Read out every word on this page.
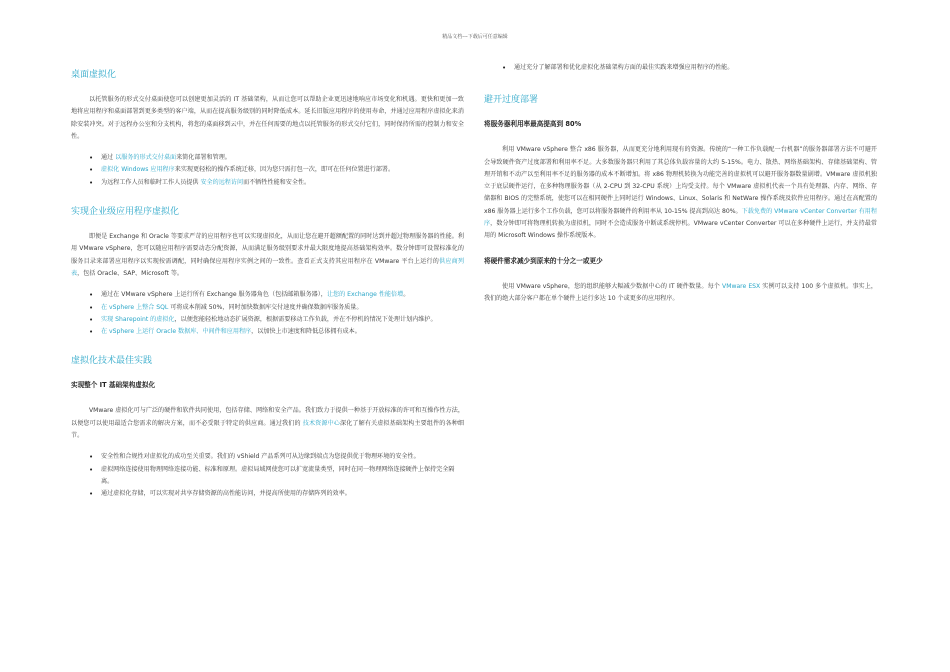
精品文档---下载后可任意编辑
桌面虚拟化

以托管服务的形式交付桌面使您可以创建更加灵活的 IT 基础架构，从而让您可以帮助企业更迅速地响应市场变化和机遇。更快和更加一致地将应用程序和桌面部署到更多类型的客户端，从而在提高服务级别的同时降低成本。延长旧版应用程序的使用寿命，并通过应用程序虚拟化来消除安装冲突。对于远程办公室和分支机构，将您的桌面移到云中，并在任何需要的地点以托管服务的形式交付它们，同时保持所需的控制力和安全性。

• 通过 以服务的形式交付桌面来简化部署和管理。
• 虚拟化 Windows 应用程序来实现更轻松的操作系统迁移，因为您只需打包一次，即可在任何位置进行部署。
• 为远程工作人员和临时工作人员提供 安全的远程访问而不牺牲性能和安全性。
实现企业级应用程序虚拟化

即便是 Exchange 和 Oracle 等要求严苛的应用程序也可以实现虚拟化，从而让您在避开超额配置的同时达到并超过物理服务器的性能。利用 VMware vSphere，您可以随应用程序需要动态分配资源，从而满足服务级别要求并最大限度地提高基础架构效率。数分钟即可设置标准化的服务目录来部署应用程序以实现按需调配，同时确保应用程序实例之间的一致性。查看正式支持其应用程序在 VMware 平台上运行的供应商列表，包括 Oracle、SAP、Microsoft 等。

• 通过在 VMware vSphere 上运行所有 Exchange 服务器角色（包括邮箱服务器），让您的 Exchange 性能倍增。
• 在 vSphere 上整合 SQL 可将成本削减 50%，同时加快数据库交付速度并确保数据库服务质量。
• 实现 Sharepoint 的虚拟化，以便您能轻松地动态扩展资源，根据需要移动工作负载，并在不停机的情况下处理计划内维护。
• 在 vSphere 上运行 Oracle 数据库、中间件和应用程序，以加快上市速度和降低总体拥有成本。
虚拟化技术最佳实践
实现整个 IT 基础架构虚拟化

VMware 虚拟化可与广泛的硬件和软件共同使用，包括存储、网络和安全产品。我们致力于提供一种基于开放标准的许可和互操作性方法，以便您可以使用最适合您需求的解决方案，而不必受限于特定的供应商。通过我们的 技术资源中心深化了解有关虚拟基础架构主要组件的各种细节。

• 安全性和合规性对虚拟化的成功至关重要。我们的 vShield 产品系列可从边缘到端点为您提供优于物理环境的安全性。
• 虚拟网络连接使用物理网络连接功能、标准和原理。虚拟局域网使您可以扩宽流量类型，同时在同一物理网络连接硬件上保持完全隔离。
• 通过虚拟化存储，可以实现对共享存储资源的高性能访问，并提高所使用的存储阵列的效率。
• 通过充分了解部署和优化虚拟化基础架构方面的最佳实践来增强应用程序的性能。
避开过度部署
将服务器利用率最高提高到 80%

利用 VMware vSphere 整合 x86 服务器，从而更充分地利用现有的资源。传统的“一种工作负载配一台机器”的服务器部署方法不可避开会导致硬件资产过度部署和利用率不足。大多数服务器只利用了其总体负载容量的大约 5-15%。电力、散热、网络基础架构、存储基础架构、管理开销和不动产以至利用率不足的服务器的成本不断增加。将 x86 物理机转换为功能完善的虚拟机可以避开服务器数量剧增。VMware 虚拟机独立于底层硬件运行，在多种物理服务器（从 2-CPU 到 32-CPU 系统）上均受支持。每个 VMware 虚拟机代表一个具有处理器、内存、网络、存储器和 BIOS 的完整系统，使您可以在相同硬件上同时运行 Windows、Linux、Solaris 和 NetWare 操作系统及软件应用程序。通过在高配置的 x86 服务器上运行多个工作负载，您可以将服务器硬件的利用率从 10-15% 提高到高达 80%。下载免费的 VMware vCenter Converter 有用程序，数分钟即可将物理机转换为虚拟机，同时不会造成服务中断或系统停机。VMware vCenter Converter 可以在多种硬件上运行，并支持最常用的 Microsoft Windows 操作系统版本。

将硬件需求减少到原来的十分之一或更少

使用 VMware vSphere，您的组织能够大幅减少数据中心的 IT 硬件数量。每个 VMware ESX 实例可以支持 100 多个虚拟机。事实上，我们的绝大部分客户都在单个硬件上运行多达 10 个或更多的应用程序。
